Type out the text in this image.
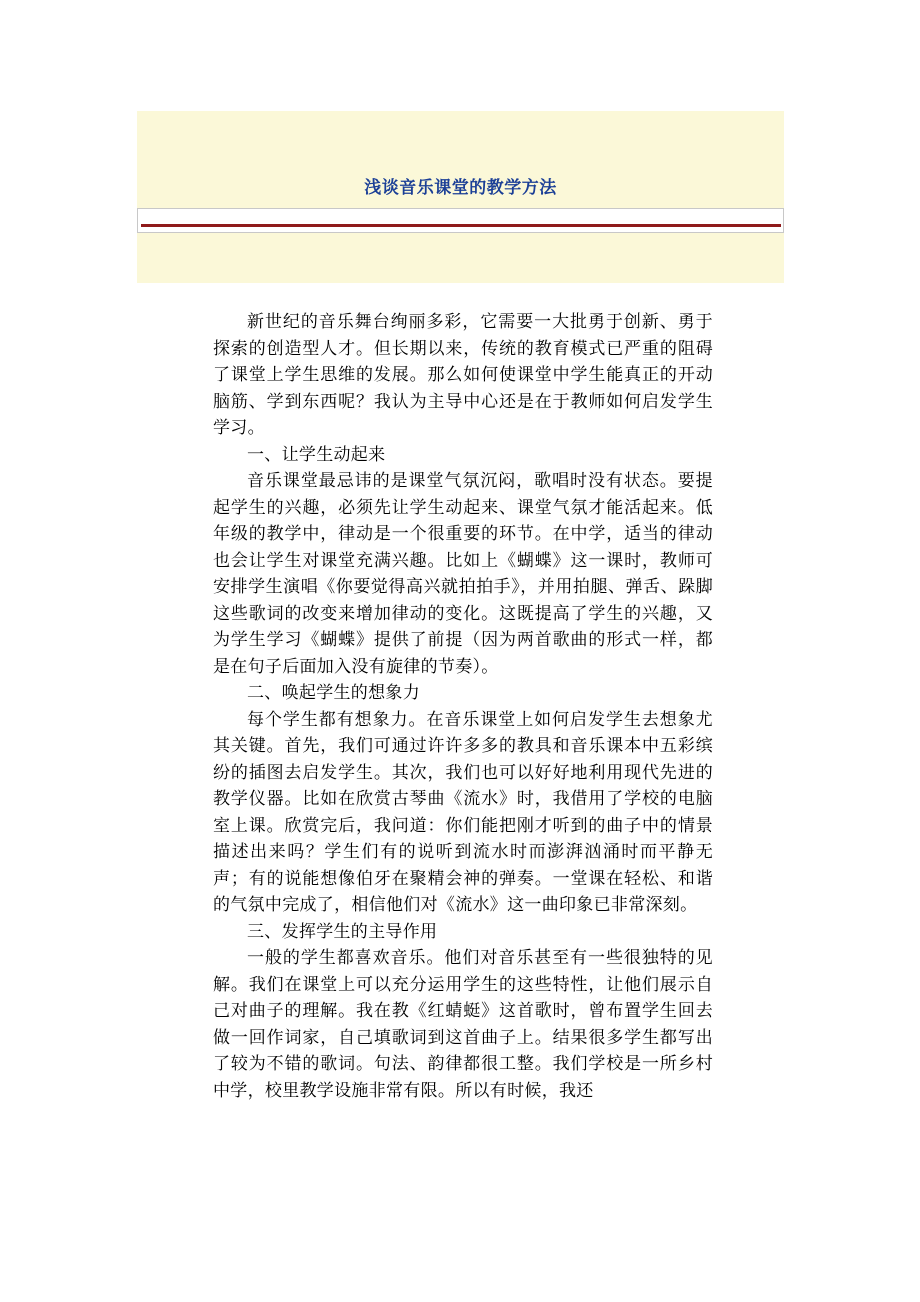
浅谈音乐课堂的教学方法

新世纪的音乐舞台绚丽多彩，它需要一大批勇于创新、勇于探索的创造型人才。但长期以来，传统的教育模式已严重的阻碍了课堂上学生思维的发展。那么如何使课堂中学生能真正的开动脑筋、学到东西呢？我认为主导中心还是在于教师如何启发学生学习。

一、让学生动起来

音乐课堂最忌讳的是课堂气氛沉闷，歌唱时没有状态。要提起学生的兴趣，必须先让学生动起来、课堂气氛才能活起来。低年级的教学中，律动是一个很重要的环节。在中学，适当的律动也会让学生对课堂充满兴趣。比如上《蝴蝶》这一课时，教师可安排学生演唱《你要觉得高兴就拍拍手》，并用拍腿、弹舌、跺脚这些歌词的改变来增加律动的变化。这既提高了学生的兴趣，又为学生学习《蝴蝶》提供了前提（因为两首歌曲的形式一样，都是在句子后面加入没有旋律的节奏）。

二、唤起学生的想象力

每个学生都有想象力。在音乐课堂上如何启发学生去想象尤其关键。首先，我们可通过许许多多的教具和音乐课本中五彩缤纷的插图去启发学生。其次，我们也可以好好地利用现代先进的教学仪器。比如在欣赏古琴曲《流水》时，我借用了学校的电脑室上课。欣赏完后，我问道：你们能把刚才听到的曲子中的情景描述出来吗？学生们有的说听到流水时而澎湃汹涌时而平静无声；有的说能想像伯牙在聚精会神的弹奏。一堂课在轻松、和谐的气氛中完成了，相信他们对《流水》这一曲印象已非常深刻。

三、发挥学生的主导作用

一般的学生都喜欢音乐。他们对音乐甚至有一些很独特的见解。我们在课堂上可以充分运用学生的这些特性，让他们展示自己对曲子的理解。我在教《红蜻蜓》这首歌时，曾布置学生回去做一回作词家，自己填歌词到这首曲子上。结果很多学生都写出了较为不错的歌词。句法、韵律都很工整。我们学校是一所乡村中学，校里教学设施非常有限。所以有时候，我还
